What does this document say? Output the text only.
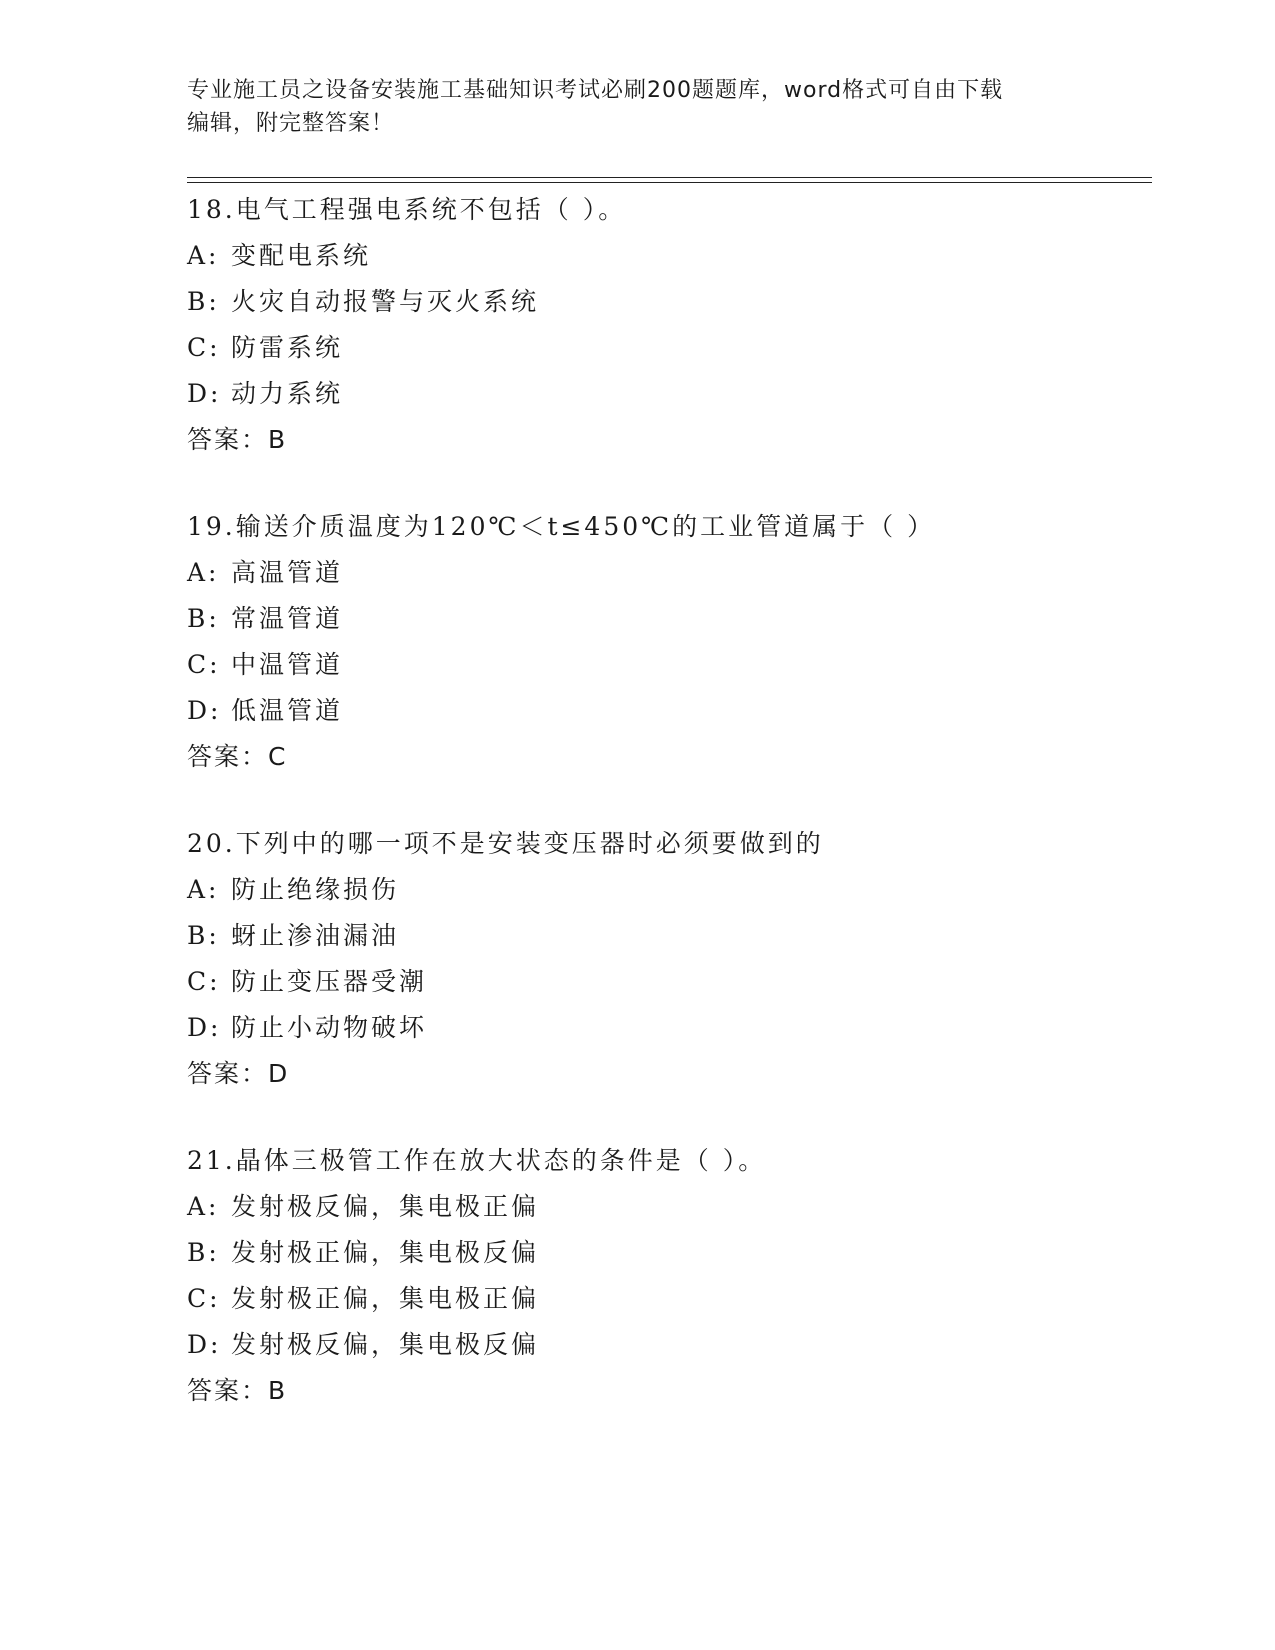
专业施工员之设备安装施工基础知识考试必刷200题题库，word格式可自由下载
编辑，附完整答案！
18.电气工程强电系统不包括（ ）。
A: 变配电系统
B: 火灾自动报警与灭火系统
C: 防雷系统
D: 动力系统
答案：B
19.输送介质温度为120℃＜t≤450℃的工业管道属于（ ）
A: 高温管道
B: 常温管道
C: 中温管道
D: 低温管道
答案：C
20.下列中的哪一项不是安装变压器时必须要做到的
A: 防止绝缘损伤
B: 蚜止渗油漏油
C: 防止变压器受潮
D: 防止小动物破坏
答案：D
21.晶体三极管工作在放大状态的条件是（ ）。
A: 发射极反偏，集电极正偏
B: 发射极正偏，集电极反偏
C: 发射极正偏，集电极正偏
D: 发射极反偏，集电极反偏
答案：B
